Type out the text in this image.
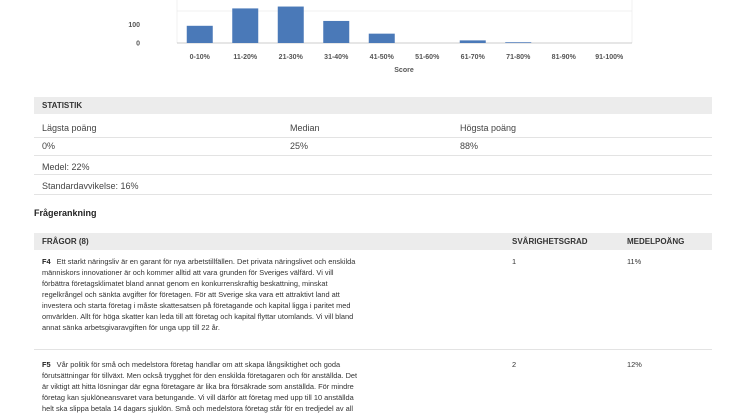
0
100
0-10%	11-20%	21-30%	31-40%	41-50%	51-60%	61-70%	71-80%	81-90%	91-100%
Score
STATISTIK
Lägsta poäng	Median	Högsta poäng
0%	25%	88%
Medel: 22%
Standardavvikelse: 16%
Frågerankning
FRÅGOR (8)	SVÅRIGHETSGRAD	MEDELPOÄNG
F4 Ett starkt näringsliv är en garant för nya arbetstillfällen. Det privata näringslivet och enskilda
människors innovationer är och kommer alltid att vara grunden för Sveriges välfärd. Vi vill
förbättra företagsklimatet bland annat genom en konkurrenskraftig beskattning, minskat
regelkrångel och sänkta avgifter för företagen. För att Sverige ska vara ett attraktivt land att
investera och starta företag i måste skattesatsen på företagande och kapital ligga i paritet med
omvärlden. Allt för höga skatter kan leda till att företag och kapital flyttar utomlands. Vi vill bland
annat sänka arbetsgivaravgiften för unga upp till 22 år.
1	11%
F5 Vår politik för små och medelstora företag handlar om att skapa långsiktighet och goda
förutsättningar för tillväxt. Men också trygghet för den enskilda företagaren och för anställda. Det
är viktigt att hitta lösningar där egna företagare är lika bra försäkrade som anställda. För mindre
företag kan sjuklöneansvaret vara betungande. Vi vill därför att företag med upp till 10 anställda
helt ska slippa betala 14 dagars sjuklön. Små och medelstora företag står för en tredjedel av all
2	12%
